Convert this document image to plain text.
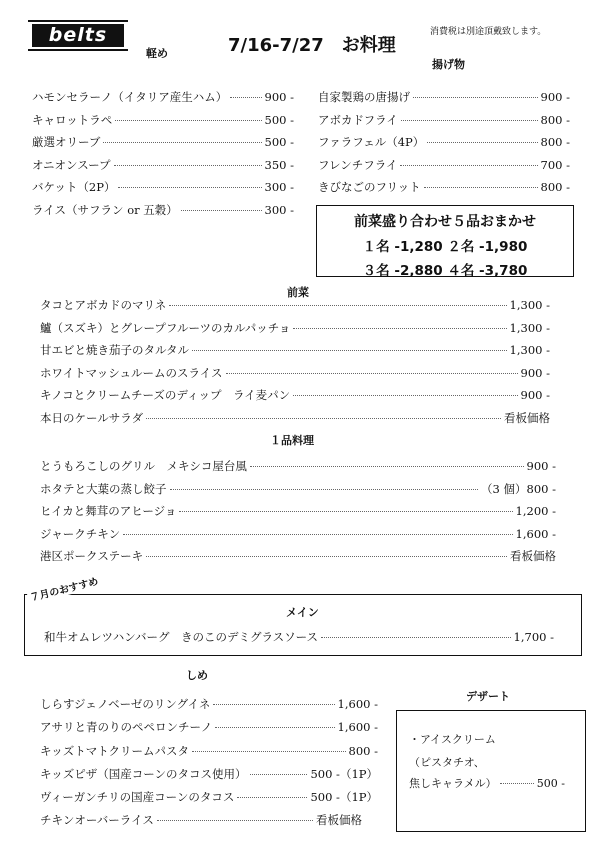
belts	7/16-7/27　お料理
消費税は別途頂戴致します。
軽め
ハモンセラーノ（イタリア産生ハム）	900 -
キャロットラペ	500 -
厳選オリーブ	500 -
オニオンスープ	350 -
バケット（2P）	300 -
ライス（サフラン or 五穀）	300 -
揚げ物
自家製鶏の唐揚げ	900 -
アボカドフライ	800 -
ファラフェル（4P）	800 -
フレンチフライ	700 -
きびなごのフリット	800 -
前菜盛り合わせ５品おまかせ
１名 -1,280 ２名 -1,980
３名 -2,880 ４名 -3,780
前菜
タコとアボカドのマリネ	1,300 -
鱸（スズキ）とグレープフルーツのカルパッチョ	1,300 -
甘エビと焼き茄子のタルタル	1,300 -
ホワイトマッシュルームのスライス	900 -
キノコとクリームチーズのディップ　ライ麦パン	900 -
本日のケールサラダ	看板価格
１品料理
とうもろこしのグリル　メキシコ屋台風	900 -
ホタテと大葉の蒸し餃子	（3 個）800 -
ヒイカと舞茸のアヒージョ	1,200 -
ジャークチキン	1,600 -
港区ポークステーキ	看板価格
７月のおすすめ
メイン
和牛オムレツハンバーグ　きのこのデミグラスソース	1,700 -
しめ
しらすジェノベーゼのリングイネ	1,600 -
アサリと青のりのペペロンチーノ	1,600 -
キッズトマトクリームパスタ	800 -
キッズピザ（国産コーンのタコス使用）	500 -（1P）
ヴィーガンチリの国産コーンのタコス	500 -（1P）
チキンオーバーライス	看板価格
デザート
・アイスクリーム
（ピスタチオ、
焦しキャラメル）	500 -
